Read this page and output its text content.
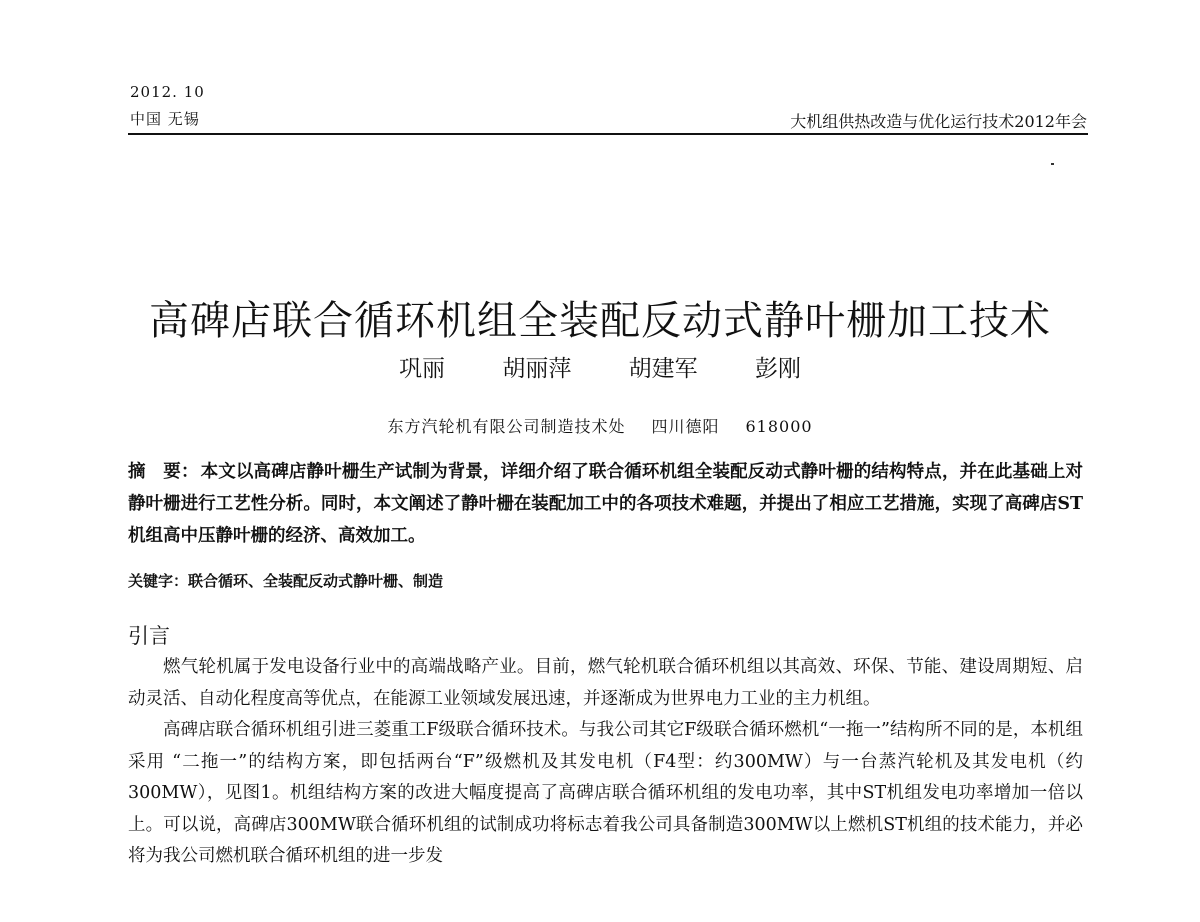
2012. 10
中国 无锡	大机组供热改造与优化运行技术2012年会
高碑店联合循环机组全装配反动式静叶栅加工技术
巩丽 胡丽萍 胡建军 彭刚
东方汽轮机有限公司制造技术处 四川德阳 618000
摘　要： 本文以高碑店静叶栅生产试制为背景，详细介绍了联合循环机组全装配反动式静叶栅的结构特点，并在此基础上对静叶栅进行工艺性分析。同时，本文阐述了静叶栅在装配加工中的各项技术难题，并提出了相应工艺措施，实现了高碑店ST机组高中压静叶栅的经济、高效加工。
关键字：联合循环、全装配反动式静叶栅、制造
引言

燃气轮机属于发电设备行业中的高端战略产业。目前，燃气轮机联合循环机组以其高效、环保、节能、建设周期短、启动灵活、自动化程度高等优点，在能源工业领域发展迅速，并逐渐成为世界电力工业的主力机组。

高碑店联合循环机组引进三菱重工F级联合循环技术。与我公司其它F级联合循环燃机“一拖一”结构所不同的是，本机组采用 “二拖一”的结构方案，即包括两台“F”级燃机及其发电机（F4型：约300MW）与一台蒸汽轮机及其发电机（约300MW），见图1。机组结构方案的改进大幅度提高了高碑店联合循环机组的发电功率，其中ST机组发电功率增加一倍以上。可以说，高碑店300MW联合循环机组的试制成功将标志着我公司具备制造300MW以上燃机ST机组的技术能力，并必将为我公司燃机联合循环机组的进一步发
